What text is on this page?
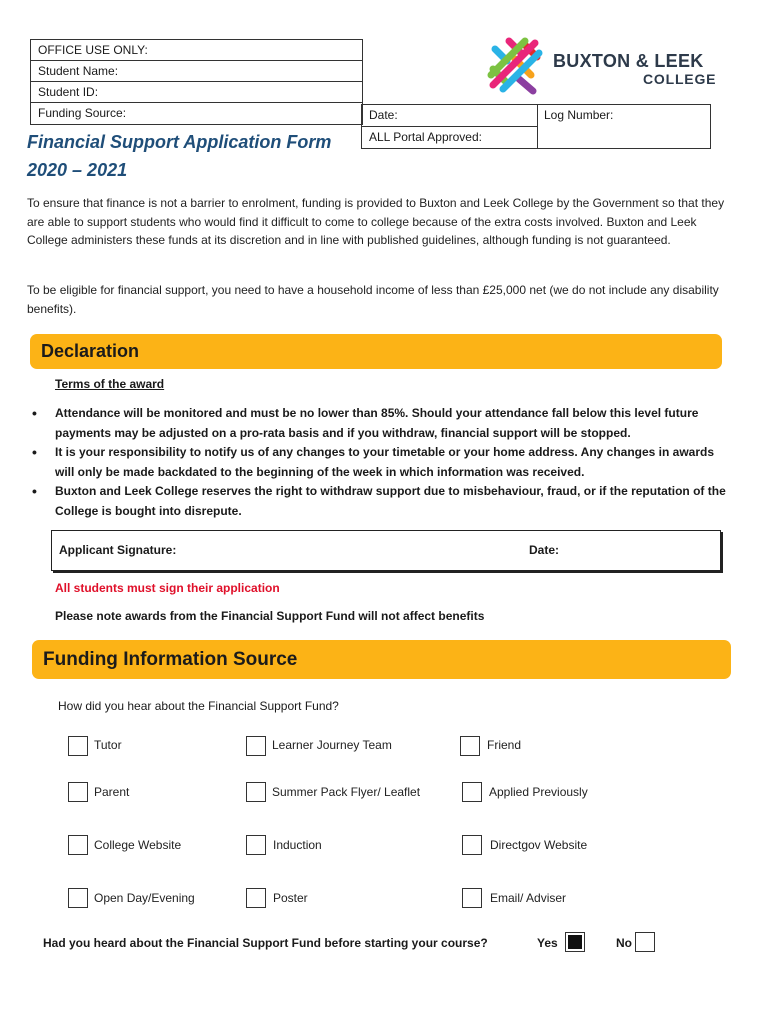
OFFICE USE ONLY:
Student Name:
Student ID:
Funding Source:	Date:	Log Number:
ALL Portal Approved:
Financial Support Application Form
2020 – 2021
BUXTON & LEEK
COLLEGE
To ensure that finance is not a barrier to enrolment, funding is provided to Buxton and Leek College by the Government so that they are able to support students who would find it difficult to come to college because of the extra costs involved. Buxton and Leek College administers these funds at its discretion and in line with published guidelines, although funding is not guaranteed.
To be eligible for financial support, you need to have a household income of less than £25,000 net (we do not include any disability benefits).
Declaration
Terms of the award
• Attendance will be monitored and must be no lower than 85%. Should your attendance fall below this level future payments may be adjusted on a pro-rata basis and if you withdraw, financial support will be stopped.
• It is your responsibility to notify us of any changes to your timetable or your home address. Any changes in awards will only be made backdated to the beginning of the week in which information was received.
• Buxton and Leek College reserves the right to withdraw support due to misbehaviour, fraud, or if the reputation of the College is bought into disrepute.
Applicant Signature:	Date:
All students must sign their application
Please note awards from the Financial Support Fund will not affect benefits
Funding Information Source
How did you hear about the Financial Support Fund?
Tutor	Learner Journey Team	Friend
Parent	Summer Pack Flyer/ Leaflet	Applied Previously
College Website	Induction	Directgov Website
Open Day/Evening	Poster	Email/ Adviser
Had you heard about the Financial Support Fund before starting your course?	Yes	No
